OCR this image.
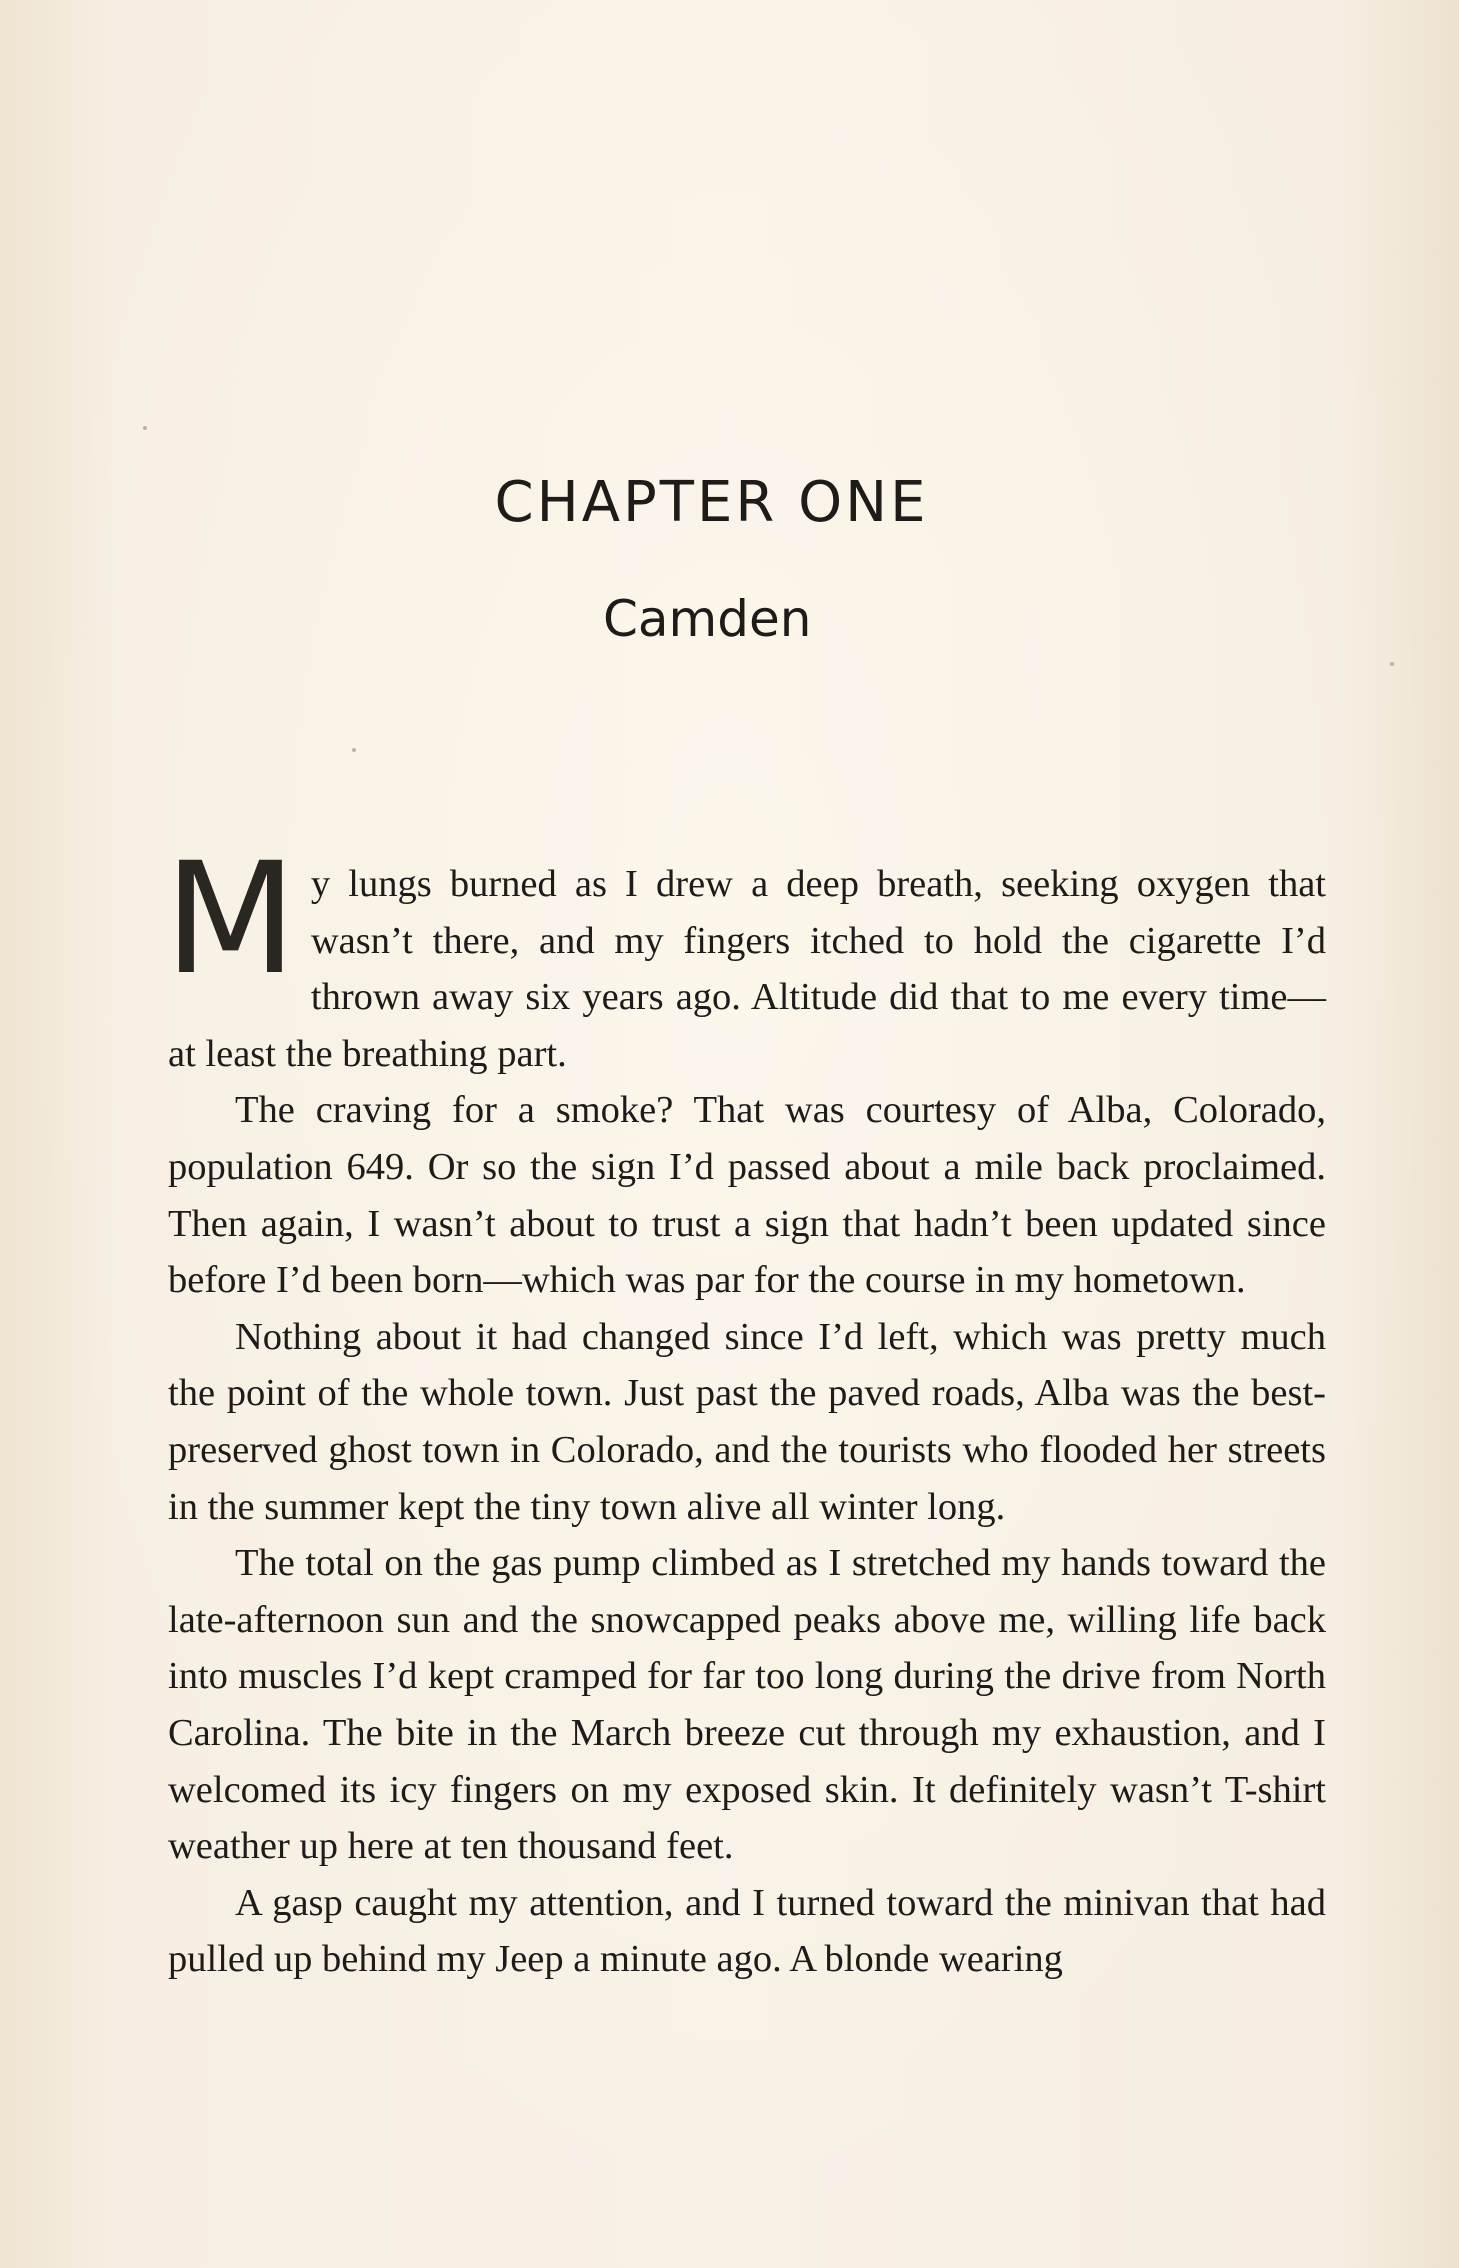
CHAPTER ONE
Camden

My lungs burned as I drew a deep breath, seeking oxygen that wasn’t there, and my fingers itched to hold the cigarette I’d thrown away six years ago. Altitude did that to me every time—at least the breathing part.

The craving for a smoke? That was courtesy of Alba, Colorado, population 649. Or so the sign I’d passed about a mile back proclaimed. Then again, I wasn’t about to trust a sign that hadn’t been updated since before I’d been born—which was par for the course in my hometown.

Nothing about it had changed since I’d left, which was pretty much the point of the whole town. Just past the paved roads, Alba was the best-preserved ghost town in Colorado, and the tourists who flooded her streets in the summer kept the tiny town alive all winter long.

The total on the gas pump climbed as I stretched my hands toward the late-afternoon sun and the snowcapped peaks above me, willing life back into muscles I’d kept cramped for far too long during the drive from North Carolina. The bite in the March breeze cut through my exhaustion, and I welcomed its icy fingers on my exposed skin. It definitely wasn’t T-shirt weather up here at ten thousand feet.

A gasp caught my attention, and I turned toward the minivan that had pulled up behind my Jeep a minute ago. A blonde wearing
